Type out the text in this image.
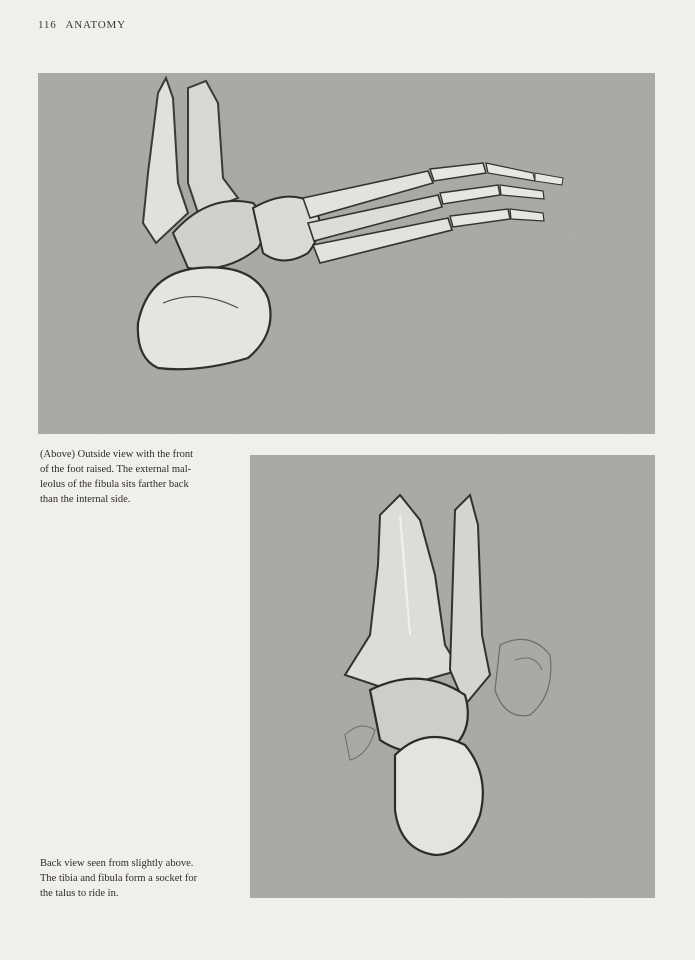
116 ANATOMY
(Above) Outside view with the front
of the foot raised. The external mal-
leolus of the fibula sits farther back
than the internal side.
Back view seen from slightly above.
The tibia and fibula form a socket for
the talus to ride in.
